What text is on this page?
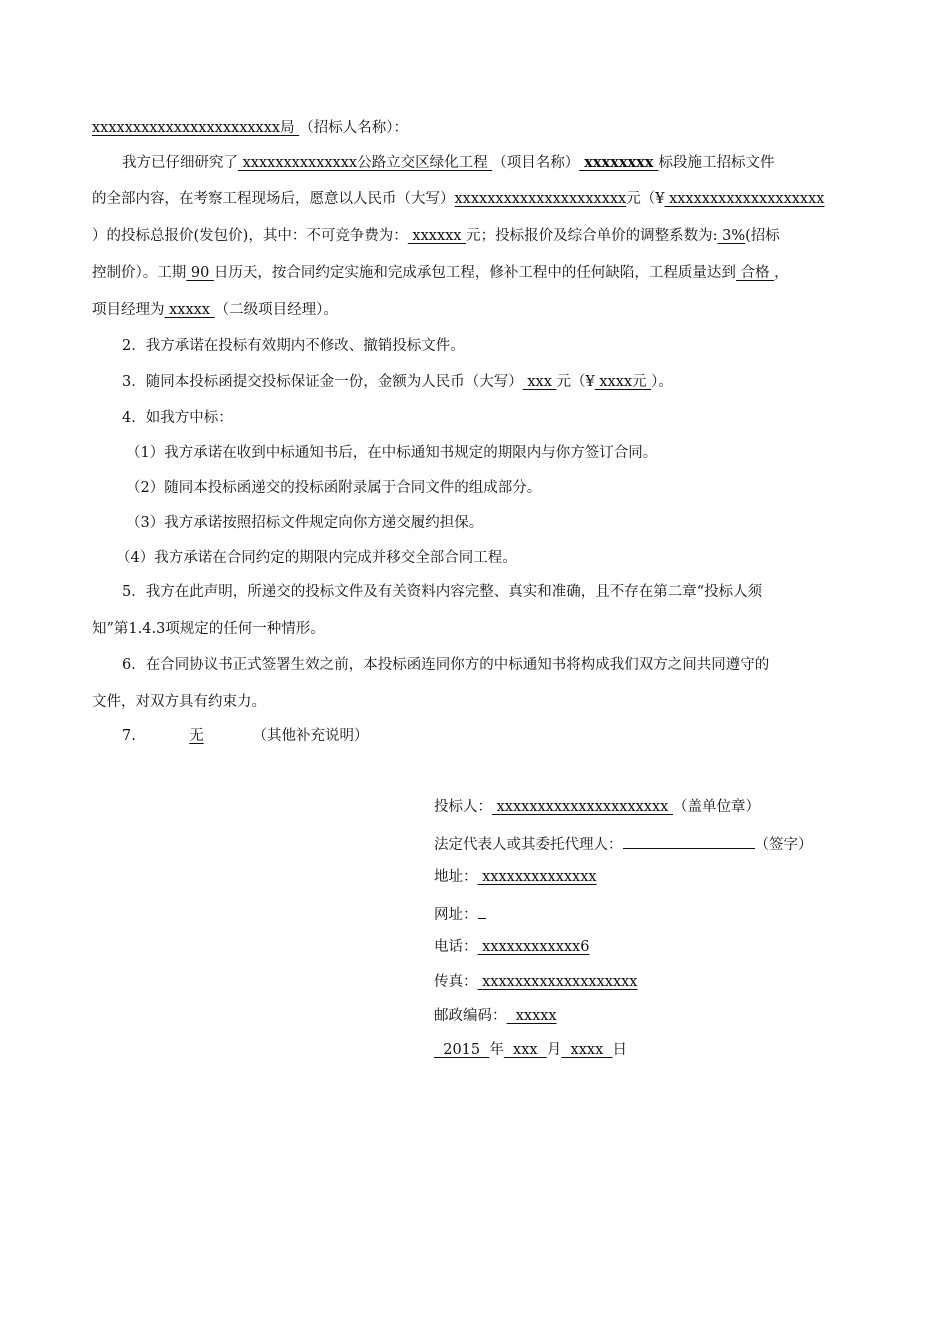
xxxxxxxxxxxxxxxxxxxxxxx局 （招标人名称）：
我方已仔细研究了 xxxxxxxxxxxxxx公路立交区绿化工程 （项目名称） xxxxxxxx 标段施工招标文件
的全部内容，在考察工程现场后，愿意以人民币（大写）xxxxxxxxxxxxxxxxxxxxx元（¥ xxxxxxxxxxxxxxxxxxx
）的投标总报价(发包价)，其中：不可竞争费为： xxxxxx 元；投标报价及综合单价的调整系数为: 3%(招标
控制价）。工期 90 日历天，按合同约定实施和完成承包工程，修补工程中的任何缺陷，工程质量达到 合格 ，
项目经理为 xxxxx （二级项目经理）。
2．我方承诺在投标有效期内不修改、撤销投标文件。
3．随同本投标函提交投标保证金一份，金额为人民币（大写） xxx 元（¥ xxxx元 ）。
4．如我方中标：
（1）我方承诺在收到中标通知书后，在中标通知书规定的期限内与你方签订合同。
（2）随同本投标函递交的投标函附录属于合同文件的组成部分。
（3）我方承诺按照招标文件规定向你方递交履约担保。
（4）我方承诺在合同约定的期限内完成并移交全部合同工程。
5．我方在此声明，所递交的投标文件及有关资料内容完整、真实和准确，且不存在第二章“投标人须
知”第1.4.3项规定的任何一种情形。
6．在合同协议书正式签署生效之前，本投标函连同你方的中标通知书将构成我们双方之间共同遵守的
文件，对双方具有约束力。
7.	无	（其他补充说明）
投标人： xxxxxxxxxxxxxxxxxxxxx （盖单位章）
法定代表人或其委托代理人：	（签字）
地址： xxxxxxxxxxxxxx
网址：
电话： xxxxxxxxxxxx6
传真： xxxxxxxxxxxxxxxxxxx
邮政编码：  xxxxx
2015  年  xxx  月  xxxx  日
